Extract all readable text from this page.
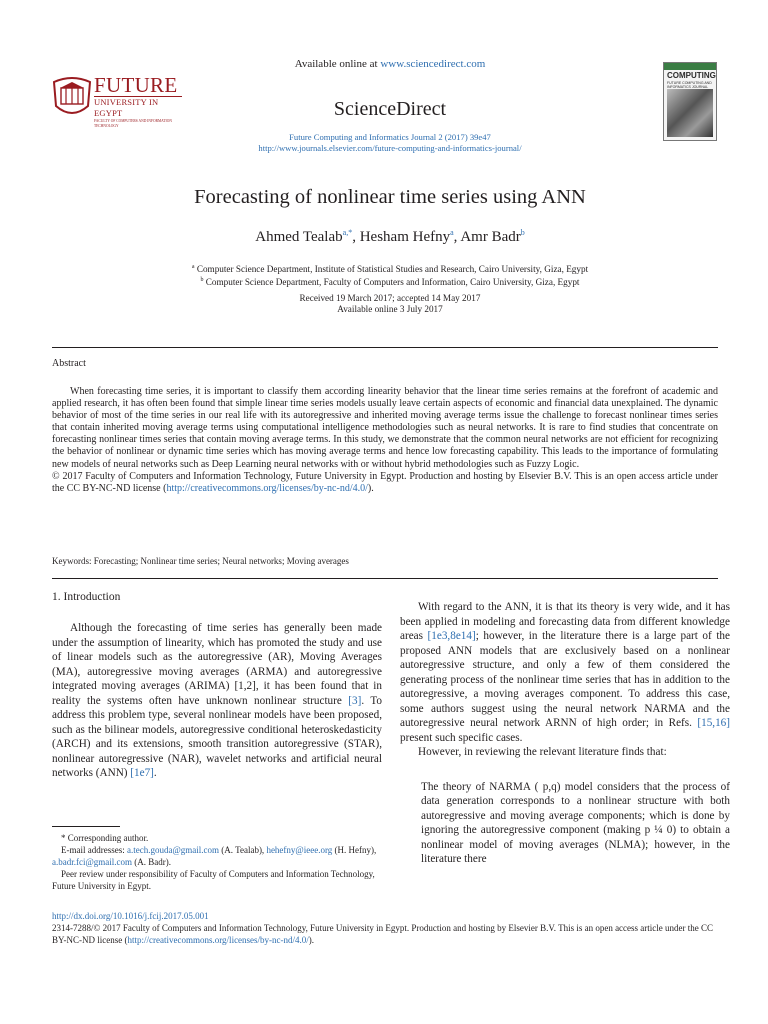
FUTURE
UNIVERSITY IN EGYPT
FACULTY OF COMPUTERS AND INFORMATION TECHNOLOGY
Available online at www.sciencedirect.com
ScienceDirect
Future Computing and Informatics Journal 2 (2017) 39e47
http://www.journals.elsevier.com/future-computing-and-informatics-journal/
COMPUTING
FUTURE COMPUTING AND INFORMATICS JOURNAL
Forecasting of nonlinear time series using ANN
Ahmed Tealab$^{a,*}$, Hesham Hefny$^a$, Amr Badr$^b$
$^a$ Computer Science Department, Institute of Statistical Studies and Research, Cairo University, Giza, Egypt
$^b$ Computer Science Department, Faculty of Computers and Information, Cairo University, Giza, Egypt
Received 19 March 2017; accepted 14 May 2017
Available online 3 July 2017
Abstract

When forecasting time series, it is important to classify them according linearity behavior that the linear time series remains at the forefront of academic and applied research, it has often been found that simple linear time series models usually leave certain aspects of economic and financial data unexplained. The dynamic behavior of most of the time series in our real life with its autoregressive and inherited moving average terms issue the challenge to forecast nonlinear times series that contain inherited moving average terms using computational intelligence methodologies such as neural networks. It is rare to find studies that concentrate on forecasting nonlinear times series that contain moving average terms. In this study, we demonstrate that the common neural networks are not efficient for recognizing the behavior of nonlinear or dynamic time series which has moving average terms and hence low forecasting capability. This leads to the importance of formulating new models of neural networks such as Deep Learning neural networks with or without hybrid methodologies such as Fuzzy Logic.

© 2017 Faculty of Computers and Information Technology, Future University in Egypt. Production and hosting by Elsevier B.V. This is an open access article under the CC BY-NC-ND license (http://creativecommons.org/licenses/by-nc-nd/4.0/).

Keywords: Forecasting; Nonlinear time series; Neural networks; Moving averages
1. Introduction

Although the forecasting of time series has generally been made under the assumption of linearity, which has promoted the study and use of linear models such as the autoregressive (AR), Moving Averages (MA), autoregressive moving averages (ARMA) and autoregressive integrated moving averages (ARIMA) [1,2], it has been found that in reality the systems often have unknown nonlinear structure [3]. To address this problem type, several nonlinear models have been proposed, such as the bilinear models, autoregressive conditional heteroskedasticity (ARCH) and its extensions, smooth transition autoregressive (STAR), nonlinear autoregressive (NAR), wavelet networks and artificial neural networks (ANN) [1e7].

With regard to the ANN, it is that its theory is very wide, and it has been applied in modeling and forecasting data from different knowledge areas [1e3,8e14]; however, in the literature there is a large part of the proposed ANN models that are exclusively based on a nonlinear autoregressive structure, and only a few of them considered the generating process of the nonlinear time series that has in addition to the autoregressive, a moving averages component. To address this case, some authors suggest using the neural network NARMA and the autoregressive neural network ARNN of high order; in Refs. [15,16] present such specific cases.

However, in reviewing the relevant literature finds that:

The theory of NARMA ( p,q) model considers that the process of data generation corresponds to a nonlinear structure with both autoregressive and moving average components; which is done by ignoring the autoregressive component (making p ¼ 0) to obtain a nonlinear model of moving averages (NLMA); however, in the literature there

* Corresponding author.

E-mail addresses: a.tech.gouda@gmail.com (A. Tealab), hehefny@ieee.org (H. Hefny), a.badr.fci@gmail.com (A. Badr).

Peer review under responsibility of Faculty of Computers and Information Technology, Future University in Egypt.

http://dx.doi.org/10.1016/j.fcij.2017.05.001

2314-7288/© 2017 Faculty of Computers and Information Technology, Future University in Egypt. Production and hosting by Elsevier B.V. This is an open access article under the CC BY-NC-ND license (http://creativecommons.org/licenses/by-nc-nd/4.0/).
